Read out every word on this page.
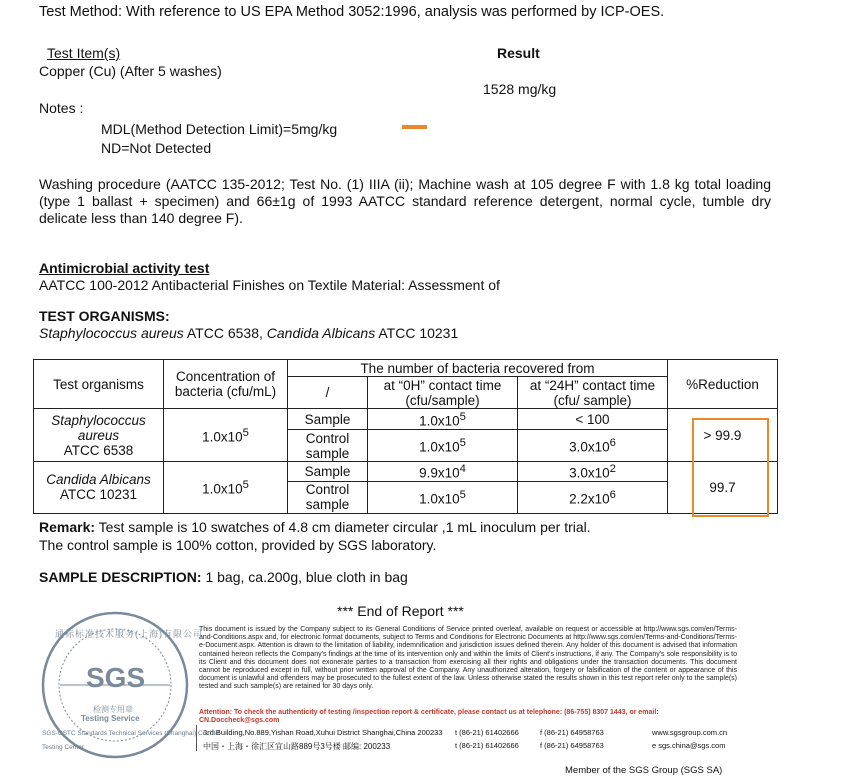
Test Method: With reference to US EPA Method 3052:1996, analysis was performed by ICP-OES.
Test Item(s)	Result
Copper (Cu) (After 5 washes)
1528 mg/kg
Notes :
MDL(Method Detection Limit)=5mg/kg
ND=Not Detected
Washing procedure (AATCC 135-2012; Test No. (1) IIIA (ii); Machine wash at 105 degree F with 1.8 kg total loading (type 1 ballast + specimen) and 66±1g of 1993 AATCC standard reference detergent, normal cycle, tumble dry delicate less than 140 degree F).
Antimicrobial activity test
AATCC 100-2012 Antibacterial Finishes on Textile Material: Assessment of
TEST ORGANISMS:
Staphylococcus aureus ATCC 6538, Candida Albicans ATCC 10231
Test organisms	Concentration of bacteria (cfu/mL)	The number of bacteria recovered from			%Reduction
		/	at “0H” contact time (cfu/sample)	at “24H” contact time (cfu/ sample)	

Staphylococcus aureus
ATCC 6538	$1.0x10^5$	Sample	$1.0x10^5$	< 100	> 99.9
		Control sample	$1.0x10^5$	$3.0x10^6$
Candida Albicans
ATCC 10231	$1.0x10^5$	Sample	$9.9x10^4$	$3.0x10^2$	99.7
		Control sample	$1.0x10^5$	$2.2x10^6$
Remark: Test sample is 10 swatches of 4.8 cm diameter circular ,1 mL inoculum per trial.
The control sample is 100% cotton, provided by SGS laboratory.
SAMPLE DESCRIPTION: 1 bag, ca.200g, blue cloth in bag
*** End of Report ***
This document is issued by the Company subject to its General Conditions of Service printed overleaf, available on request or accessible at http://www.sgs.com/en/Terms-and-Conditions.aspx and, for electronic format documents, subject to Terms and Conditions for Electronic Documents at http://www.sgs.com/en/Terms-and-Conditions/Terms-e-Document.aspx. Attention is drawn to the limitation of liability, indemnification and jurisdiction issues defined therein. Any holder of this document is advised that information contained hereon reflects the Company's findings at the time of its intervention only and within the limits of Client's instructions, if any. The Company's sole responsibility is to its Client and this document does not exonerate parties to a transaction from exercising all their rights and obligations under the transaction documents. This document cannot be reproduced except in full, without prior written approval of the Company. Any unauthorized alteration, forgery or falsification of the content or appearance of this document is unlawful and offenders may be prosecuted to the fullest extent of the law. Unless otherwise stated the results shown in this test report refer only to the sample(s) tested and such sample(s) are retained for 30 days only.
Attention: To check the authenticity of testing /inspection report & certificate, please contact us at telephone: (86-755) 8307 1443, or email: CN.Doccheck@sgs.com
3rd Building,No.889,Yishan Road,Xuhui District Shanghai,China 200233 t (86-21) 61402666	f (86-21) 64958763	www.sgsgroup.com.cn
中国・上海・徐汇区宜山路889号3号楼 邮编: 200233	t (86-21) 61402666	f (86-21) 64958763	e sgs.china@sgs.com
Member of the SGS Group (SGS SA)
SGS
通标标准技术服务(上海)有限公司
检测专用章
Testing Service
SGS-CSTC Standards Technical Services (Shanghai) Co.,Ltd.
Testing Center
